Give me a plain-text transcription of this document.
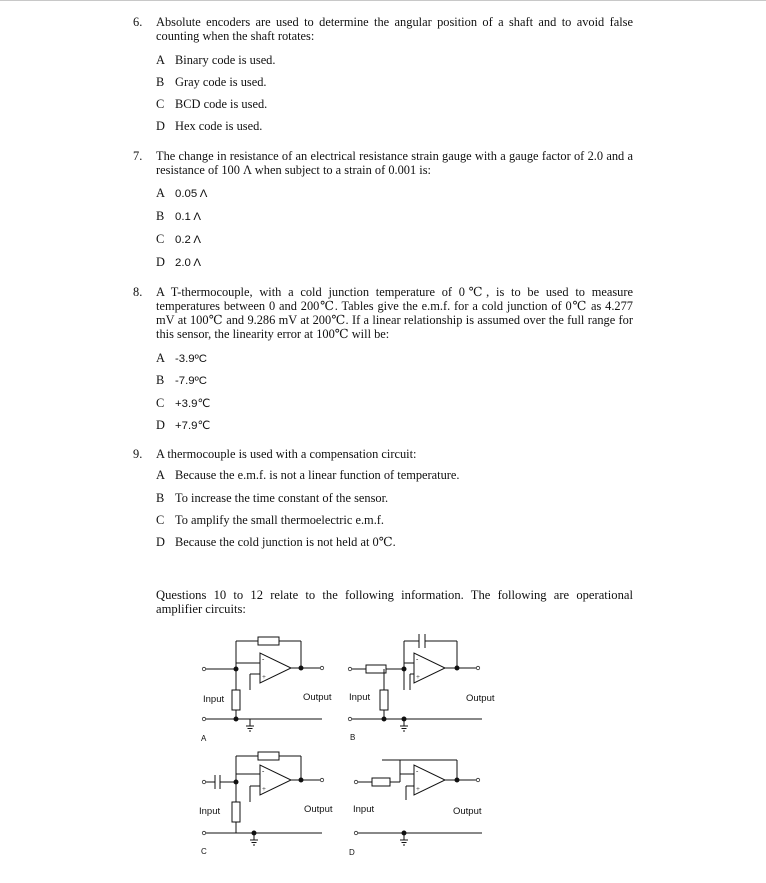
6. Absolute encoders are used to determine the angular position of a shaft and to avoid false counting when the shaft rotates:
A Binary code is used.
B Gray code is used.
C BCD code is used.
D Hex code is used.
7. The change in resistance of an electrical resistance strain gauge with a gauge factor of 2.0 and a resistance of 100 Λ when subject to a strain of 0.001 is:
A 0.05 Λ
B 0.1 Λ
C 0.2 Λ
D 2.0 Λ
8. A T-thermocouple, with a cold junction temperature of 0℃, is to be used to measure temperatures between 0 and 200℃. Tables give the e.m.f. for a cold junction of 0℃ as 4.277 mV at 100℃ and 9.286 mV at 200℃. If a linear relationship is assumed over the full range for this sensor, the linearity error at 100℃ will be:
A -3.9ºC
B -7.9ºC
C +3.9℃
D +7.9℃
9. A thermocouple is used with a compensation circuit:
A Because the e.m.f. is not a linear function of temperature.
B To increase the time constant of the sensor.
C To amplify the small thermoelectric e.m.f.
D Because the cold junction is not held at 0℃.
Questions 10 to 12 relate to the following information. The following are operational amplifier circuits:
-
+
-
+
-
+
-
+
Input	Output
A
Input	Output
B
Input	Output
C
Input	Output
D
